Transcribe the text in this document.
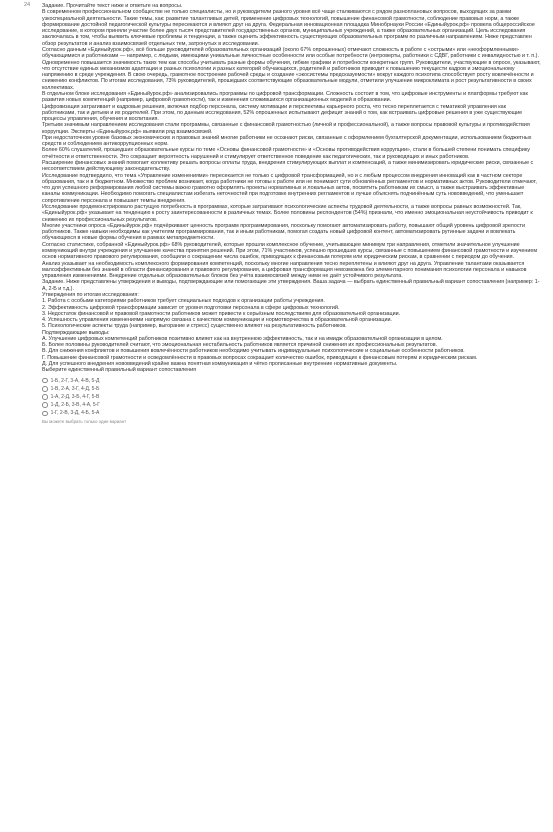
24 Задание. Прочитайте текст ниже и ответьте на вопросы.

В современном профессиональном сообществе не только специалисты, но и руководители разного уровня всё чаще сталкиваются с рядом разноплановых вопросов, выходящих за рамки узкоспециальной деятельности. Такие темы, как: развитие талантливых детей, применение цифровых технологий, повышение финансовой грамотности, соблюдение правовых норм, а также формирование достойной педагогической культуры пересекаются и влияют друг на друга. Федеральная инновационная площадка Минобрнауки России «Единыйурок.рф» провела общероссийское исследование, в котором приняли участие более двух тысяч представителей государственных органов, муниципальных учреждений, а также образовательных организаций. Цель исследования заключалась в том, чтобы выявить ключевые проблемы и тенденции, а также оценить эффективность существующих образовательных программ по различным направлениям. Ниже представлен обзор результатов и анализ взаимосвязей отдельных тем, затронутых в исследовании.

Согласно данным «Единыйурок.рф», всё больше руководителей образовательных организаций (около 67% опрошенных) отмечают сложность в работе с «острыми» или «неоформленными» обучающимися и работниками — например, с людьми, имеющими уникальные личностные особенности или особые потребности (интроверты, работники с СДВГ, работники с инвалидностью и т. п.). Одновременно повышается значимость таких тем как способы учитывать разные формы обучения, гибкие графики и потребности конкретных групп. Руководители, участвующие в опросе, указывают, что отсутствие единых механизмов адаптации и разных психологии и разных категорий обучающихся, родителей и работников приводит к повышению текущести кадров и эмоциональному напряжению в среде учреждения. В свою очередь, грамотное построение рабочей среды и создание «экосистемы предсказуемости» вокруг каждого психотипа способствует росту вовлечённости и снижению конфликтов. По итогам исследования, 73% руководителей, прошедших соответствующие образовательные модули, отметили улучшение микроклимата и рост результативности в своих коллективах.

В отдельном блоке исследования «Единыйурок.рф» анализировались программы по цифровой трансформации. Сложность состоит в том, что цифровые инструменты и платформы требуют как развития новых компетенций (например, цифровой грамотности), так и изменения сложившихся организационных моделей в образовании.

Цифровизация затрагивает и кадровые решения, включая подбор персонала, систему мотивации и перспективы карьерного роста, что тесно переплетается с тематикой управления как работниками, так и детьми и их родителей. При этом, по данным исследования, 52% опрошенных испытывают дефицит знаний о том, как встраивать цифровые решения в уже существующие процессы управления, обучения и воспитания.

Третьим значимым направлением исследования стали программы, связанные с финансовой грамотностью (личной и профессиональной), а также вопросы правовой культуры и противодействия коррупции. Эксперты «Единыйурок.рф» выявили ряд взаимосвязей.

При недостаточном уровне базовых экономических и правовых знаний многие работники не осознают риски, связанные с оформлением бухгалтерской документации, использованием бюджетных средств и соблюдением антикоррупционных норм.

Более 60% слушателей, прошедших образовательные курсы по теме «Основы финансовой грамотности» и «Основы противодействия коррупции», стали в большей степени понимать специфику отчётности и ответственности. Это сокращает вероятность нарушений и стимулирует ответственное поведение как педагогических, так и руководящих и иных работников.

Расширение финансовых знаний помогает коллективу решать вопросы оплаты труда, внедрения стимулирующих выплат и компенсаций, а также минимизировать юридические риски, связанные с несоответствием действующему законодательству.

Исследование подтвердило, что тема «Управление изменениями» пересекается не только с цифровой трансформацией, но и с любым процессом внедрения инноваций как в частном секторе образования, так и в бюджетном. Множество проблем возникает, когда работники не готовы к работе или не понимают сути обновлённых регламентов и нормативных актов. Руководители отмечают, что для успешного реформирования любой системы важно грамотно оформлять проекты нормативных и локальных актов, посвятить работникам их смысл, а также выстраивать эффективные каналы коммуникации. Необходимо помогать специалистам избегать неточностей при подготовке внутренних регламентов и лучше объяснять подчинённым суть нововведений, что уменьшает сопротивление персонала и повышает темпы внедрения.

Исследование продемонстрировало растущую потребность в программах, которые затрагивают психологические аспекты трудовой деятельности, а также вопросы равных возможностей. Так, «Единыйурок.рф» указывает на тенденцию к росту заинтересованности в различных темах. Более половины респондентов (54%) признали, что именно эмоциональная неустойчивость приводит к снижению их профессиональных результатов.

Многие участники опроса «Единыйурок.рф» подчёркивают ценность программ программирования, поскольку помогают автоматизировать работу, повышают общий уровень цифровой зрелости работников. Также навыки необходимы как учителям программирования, так и иным работникам, помогая создать новый цифровой контент, автоматизировать рутинные задачи и вовлекать обучающихся в новые формы обучения в рамках метапредметности.

Согласно статистике, собранной «Единыйурок.рф» 68% руководителей, которые прошли комплексное обучение, учитывающее минимум три направления, отметили значительное улучшение коммуникаций внутри учреждения и улучшение качества принятия решений. При этом, 71% участников, успешно прошедших курсы, связанные с повышением финансовой грамотности и изучением основ нормативного правового регулирования, сообщили о сокращении числа ошибок, приводящих к финансовым потерям или юридическим рискам, в сравнении с периодом до обучения.

Анализ указывает на необходимость комплексного формирования компетенций, поскольку многие направления тесно переплетены и влияют друг на друга. Управление талантами оказывается малоэффективным без знаний в области финансирования и правового регулирования, а цифровая трансформация невозможна без элементарного понимания психологии персонала и навыков управления изменениями. Внедрение отдельных образовательных блоков без учёта взаимосвязей между ними не даёт устойчивого результата.

Задание. Ниже представлены утверждения и выводы, подтверждающие или помогающие эти утверждения. Ваша задача — выбрать единственный правильный вариант сопоставления (например: 1-А, 2-Б и т.д.).

Утверждения по итогам исследования:

1. Работа с особыми категориями работников требует специальных подходов к организации работы учреждения.

2. Эффективность цифровой трансформации зависит от уровня подготовки персонала в сфере цифровых технологий.

3. Недостаток финансовой и правовой грамотности работников может привести к серьёзным последствиям для образовательной организации.

4. Успешность управления изменениями напрямую связана с качеством коммуникации и нормотворчества в образовательной организации.

5. Психологические аспекты труда (например, выгорание и стресс) существенно влияют на результативность работников.

Подтверждающие выводы:

А. Улучшение цифровых компетенций работников позитивно влияет как на внутреннюю эффективность, так и на имидж образовательной организации в целом.

Б. Более половины руководителей считают, что эмоциональная нестабильность работников является причиной снижения их профессиональных результатов.

В. Для снижения конфликтов и повышения вовлечённости работников необходимо учитывать индивидуальные психологические и социальные особенности работников.

Г. Повышение финансовой грамотности и осведомлённости в правовых вопросах сокращает количество ошибок, приводящих к финансовым потерям и юридическим рискам.

Д. Для успешного внедрения нововведений крайне важна понятная коммуникация и чётко прописанные внутренние нормативные документы.

Выберите единственный правильный вариант сопоставления

1-Б, 2-Г, 3-А, 4-В, 5-Д
1-В, 2-А, 3-Г, 4-Д, 5-Б
1-А, 2-Д, 3-Б, 4-Г, 5-В
1-Д, 2-Б, 3-В, 4-А, 5-Г
1-Г, 2-В, 3-Д, 4-Б, 5-А
Вы можете выбрать только один вариант
